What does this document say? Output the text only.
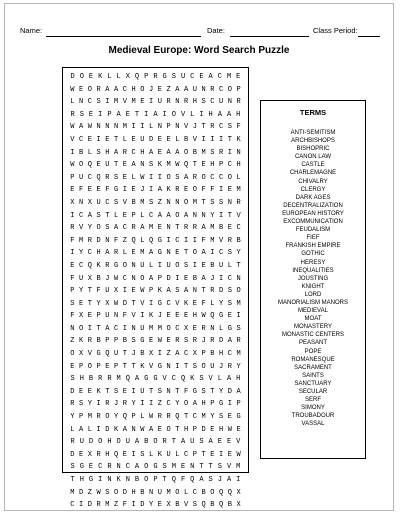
Name:	Date:	Class Period:
Medieval Europe: Word Search Puzzle
D O E K L L X Q P R G S U C E A C M E
W E O R A A C H O J E Z A A U N R C O P
L N C S I M V M E I U R N R H S C U N R
R S E I P A E T I A I O V L I H A A H
W A W N N N M I I L N P N V J T R C S F
V C E I E T L E U D E E L B V I I I T K
I B L S H A R C H A E A A O B M S R I N
W O Q E U T E A N S K M W Q T E H P C H
P U C Q R S E L W I I O S A R O C C O L
E F E E F G I E J I A K R E O F F I E M
X N X U C S V B M S Z N N O M T S S N R
I C A S T L E P L C A A O A N N Y I T V
R V Y O S A C R A M E N T R R A M B E C
F M R D N F Z Q L Q G I C I I F M V R B
I Y C H A R L E M A G N E T O A I C S Y
E C Q K R G O N U L I U O S I E B U L T
F U X B J W C N O A P D I E B A J I C N
P Y T F U X I E W P K A S A N T R D S O
S E T Y X W D T V I G C V K E F L Y S M
F X E P U N F V I K J E E E H W Q G E I
N O I T A C I N U M M O C X E R N L G S
Z K R B P P B S G E W E R S R J R D A R
O X V G Q U T J B X I Z A C X P B H C M
E P O P E P T T K V G N I T S O U J R Y
S H B R R M Q A G G V C Q K S V L A H
D E E K T S E I U T S N T F G S T Y D A
R S Y I R J R Y I I Z C Y O A H P G I P
Y P M R O Y Q P L W R R Q T C M Y S E G
L A L I D K A N W A E O T H P D E H W E
R U D O H O U A B O R T A U S A E E V
D E X R H Q E I S L K U L C P T E I E W
S G E C R N C A O G S M E N T T S V M
T H G I N K N B O P T Q F Q A S J A I
M D Z W S O D H B N U M O L C B O Q Q X
C I D R M Z F I D Y E X B V S Q B Q B X
TERMS
ANTI-SEMITISM
ARCHBISHOPS
BISHOPRIC
CANON LAW
CASTLE
CHARLEMAGNE
CHIVALRY
CLERGY
DARK AGES
DECENTRALIZATION
EUROPEAN HISTORY
EXCOMMUNICATION
FEUDALISM
FIEF
FRANKISH EMPIRE
GOTHIC
HERESY
INEQUALITIES
JOUSTING
KNIGHT
LORD
MANORIALISM MANORS
MEDIEVAL
MOAT
MONASTERY
MONASTIC CENTERS
PEASANT
POPE
ROMANESQUE
SACRAMENT
SAINTS
SANCTUARY
SECULAR
SERF
SIMONY
TROUBADOUR
VASSAL
